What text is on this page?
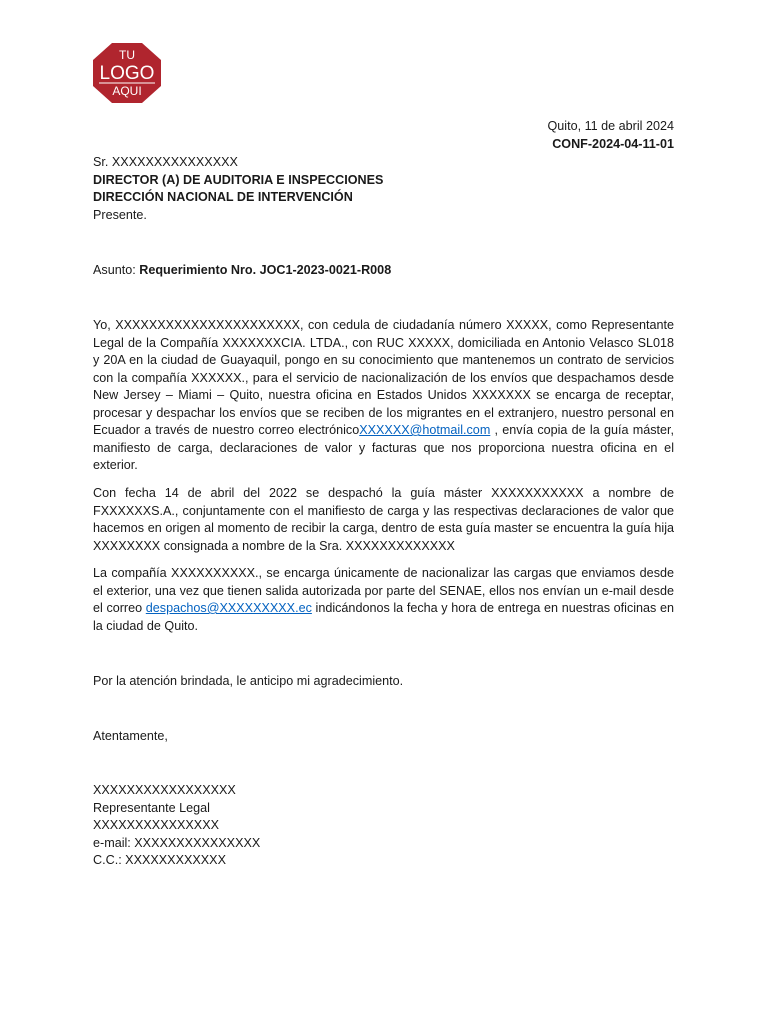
TU
LOGO
AQUI
Quito, 11 de abril 2024
CONF-2024-04-11-01
Sr. XXXXXXXXXXXXXXX
DIRECTOR (A) DE AUDITORIA E INSPECCIONES
DIRECCIÓN NACIONAL DE INTERVENCIÓN
Presente.
Asunto: Requerimiento Nro. JOC1-2023-0021-R008
Yo, XXXXXXXXXXXXXXXXXXXXXX, con cedula de ciudadanía número XXXXX, como Representante Legal de la Compañía XXXXXXXCIA. LTDA., con RUC XXXXX, domiciliada en Antonio Velasco SL018 y 20A en la ciudad de Guayaquil, pongo en su conocimiento que mantenemos un contrato de servicios con la compañía XXXXXX., para el servicio de nacionalización de los envíos que despachamos desde New Jersey – Miami – Quito, nuestra oficina en Estados Unidos XXXXXXX se encarga de receptar, procesar y despachar los envíos que se reciben de los migrantes en el extranjero, nuestro personal en Ecuador a través de nuestro correo electrónicoXXXXXX@hotmail.com , envía copia de la guía máster, manifiesto de carga, declaraciones de valor y facturas que nos proporciona nuestra oficina en el exterior.
Con fecha 14 de abril del 2022 se despachó la guía máster XXXXXXXXXXX a nombre de FXXXXXXS.A., conjuntamente con el manifiesto de carga y las respectivas declaraciones de valor que hacemos en origen al momento de recibir la carga, dentro de esta guía master se encuentra la guía hija XXXXXXXX consignada a nombre de la Sra. XXXXXXXXXXXXX
La compañía XXXXXXXXXX., se encarga únicamente de nacionalizar las cargas que enviamos desde el exterior, una vez que tienen salida autorizada por parte del SENAE, ellos nos envían un e-mail desde el correo despachos@XXXXXXXXX.ec indicándonos la fecha y hora de entrega en nuestras oficinas en la ciudad de Quito.
Por la atención brindada, le anticipo mi agradecimiento.
Atentamente,
XXXXXXXXXXXXXXXXX
Representante Legal
XXXXXXXXXXXXXXX
e-mail: XXXXXXXXXXXXXXX
C.C.: XXXXXXXXXXXX
